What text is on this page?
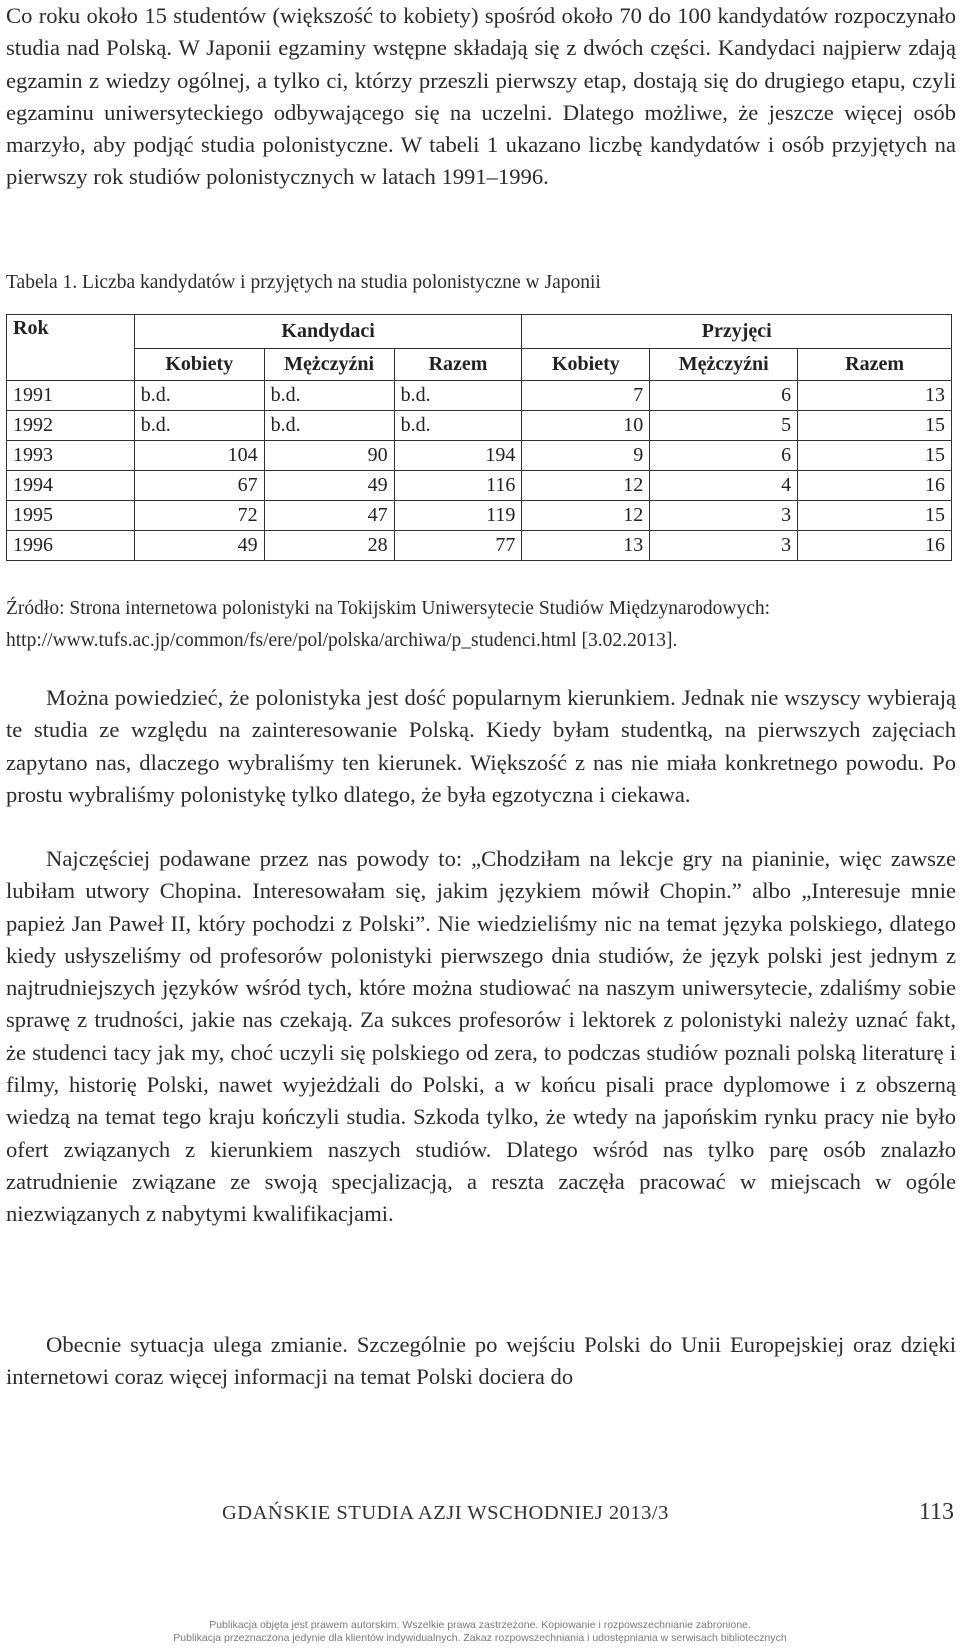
Co roku około 15 studentów (większość to kobiety) spośród około 70 do 100 kandydatów rozpoczynało studia nad Polską. W Japonii egzaminy wstępne składają się z dwóch części. Kandydaci najpierw zdają egzamin z wiedzy ogólnej, a tylko ci, którzy przeszli pierwszy etap, dostają się do drugiego etapu, czyli egzaminu uniwersyteckiego odbywającego się na uczelni. Dlatego możliwe, że jeszcze więcej osób marzyło, aby podjąć studia polonistyczne. W tabeli 1 ukazano liczbę kandydatów i osób przyjętych na pierwszy rok studiów polonistycznych w latach 1991–1996.

Tabela 1. Liczba kandydatów i przyjętych na studia polonistyczne w Japonii

Rok	Kandydaci			Przyjęci		
	Kobiety	Mężczyźni	Razem	Kobiety	Mężczyźni	Razem
1991	b.d.	b.d.	b.d.	7	6	13
1992	b.d.	b.d.	b.d.	10	5	15
1993	104	90	194	9	6	15
1994	67	49	116	12	4	16
1995	72	47	119	12	3	15
1996	49	28	77	13	3	16

Źródło: Strona internetowa polonistyki na Tokijskim Uniwersytecie Studiów Międzynarodowych: http://www.tufs.ac.jp/common/fs/ere/pol/polska/archiwa/p_studenci.html [3.02.2013].

Można powiedzieć, że polonistyka jest dość popularnym kierunkiem. Jednak nie wszyscy wybierają te studia ze względu na zainteresowanie Polską. Kiedy byłam studentką, na pierwszych zajęciach zapytano nas, dlaczego wybraliśmy ten kierunek. Większość z nas nie miała konkretnego powodu. Po prostu wybraliśmy polonistykę tylko dlatego, że była egzotyczna i ciekawa.

Najczęściej podawane przez nas powody to: „Chodziłam na lekcje gry na pianinie, więc zawsze lubiłam utwory Chopina. Interesowałam się, jakim językiem mówił Chopin.” albo „Interesuje mnie papież Jan Paweł II, który pochodzi z Polski”. Nie wiedzieliśmy nic na temat języka polskiego, dlatego kiedy usłyszeliśmy od profesorów polonistyki pierwszego dnia studiów, że język polski jest jednym z najtrudniejszych języków wśród tych, które można studiować na naszym uniwersytecie, zdaliśmy sobie sprawę z trudności, jakie nas czekają. Za sukces profesorów i lektorek z polonistyki należy uznać fakt, że studenci tacy jak my, choć uczyli się polskiego od zera, to podczas studiów poznali polską literaturę i filmy, historię Polski, nawet wyjeżdżali do Polski, a w końcu pisali prace dyplomowe i z obszerną wiedzą na temat tego kraju kończyli studia. Szkoda tylko, że wtedy na japońskim rynku pracy nie było ofert związanych z kierunkiem naszych studiów. Dlatego wśród nas tylko parę osób znalazło zatrudnienie związane ze swoją specjalizacją, a reszta zaczęła pracować w miejscach w ogóle niezwiązanych z nabytymi kwalifikacjami.

Obecnie sytuacja ulega zmianie. Szczególnie po wejściu Polski do Unii Europejskiej oraz dzięki internetowi coraz więcej informacji na temat Polski dociera do

GDAŃSKIE STUDIA AZJI WSCHODNIEJ 2013/3	113

Publikacja objęta jest prawem autorskim. Wszelkie prawa zastrzeżone. Kopiowanie i rozpowszechnianie zabronione.

Publikacja przeznaczona jedynie dla klientów indywidualnych. Zakaz rozpowszechniania i udostępniania w serwisach bibliotecznych
